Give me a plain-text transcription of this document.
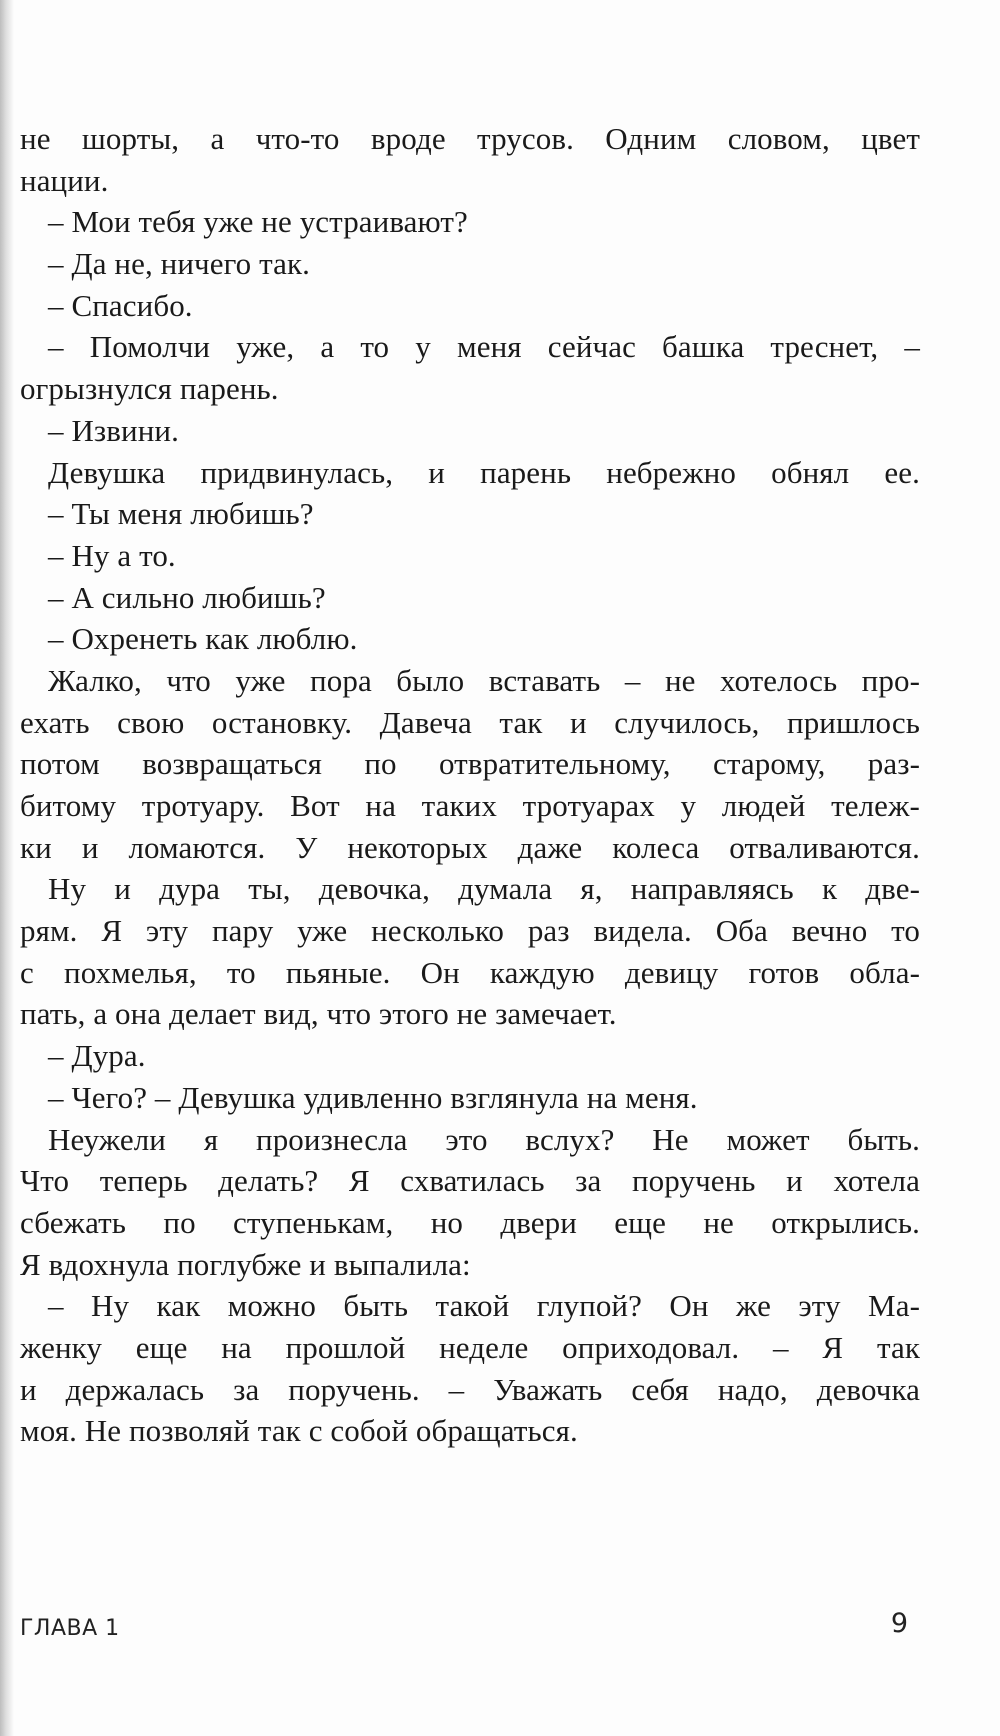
не шорты, а что-то вроде трусов. Одним словом, цвет
нации.
– Мои тебя уже не устраивают?
– Да не, ничего так.
– Спасибо.
– Помолчи уже, а то у меня сейчас башка треснет, –
огрызнулся парень.
– Извини.
Девушка придвинулась, и парень небрежно обнял ее.
– Ты меня любишь?
– Ну а то.
– А сильно любишь?
– Охренеть как люблю.
Жалко, что уже пора было вставать – не хотелось про-
ехать свою остановку. Давеча так и случилось, пришлось
потом возвращаться по отвратительному, старому, раз-
битому тротуару. Вот на таких тротуарах у людей тележ-
ки и ломаются. У некоторых даже колеса отваливаются.
Ну и дура ты, девочка, думала я, направляясь к две-
рям. Я эту пару уже несколько раз видела. Оба вечно то
с похмелья, то пьяные. Он каждую девицу готов обла-
пать, а она делает вид, что этого не замечает.
– Дура.
– Чего? – Девушка удивленно взглянула на меня.
Неужели я произнесла это вслух? Не может быть.
Что теперь делать? Я схватилась за поручень и хотела
сбежать по ступенькам, но двери еще не открылись.
Я вдохнула поглубже и выпалила:
– Ну как можно быть такой глупой? Он же эту Ма-
женку еще на прошлой неделе оприходовал. – Я так
и держалась за поручень. – Уважать себя надо, девочка
моя. Не позволяй так с собой обращаться.
ГЛАВА 1	9
